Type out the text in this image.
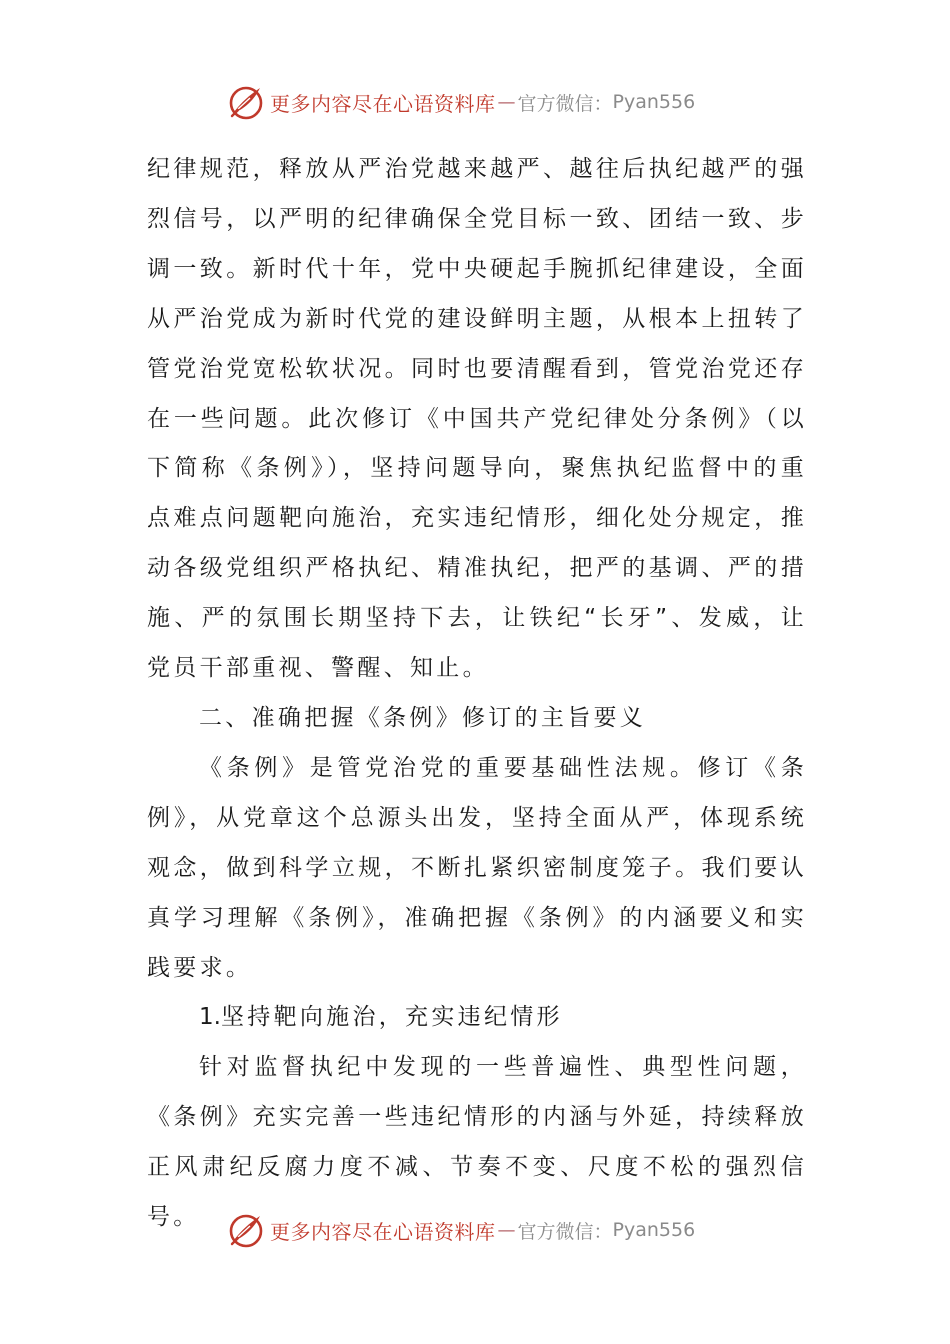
更多内容尽在心语资料库 — 官方微信： Pyan556

纪律规范，释放从严治党越来越严、越往后执纪越严的强烈信号，以严明的纪律确保全党目标一致、团结一致、步调一致。新时代十年，党中央硬起手腕抓纪律建设，全面从严治党成为新时代党的建设鲜明主题，从根本上扭转了管党治党宽松软状况。同时也要清醒看到，管党治党还存在一些问题。此次修订《中国共产党纪律处分条例》（以下简称《条例》），坚持问题导向，聚焦执纪监督中的重点难点问题靶向施治，充实违纪情形，细化处分规定，推动各级党组织严格执纪、精准执纪，把严的基调、严的措施、严的氛围长期坚持下去，让铁纪“长牙”、发威，让党员干部重视、警醒、知止。

二、准确把握《条例》修订的主旨要义

《条例》是管党治党的重要基础性法规。修订《条例》，从党章这个总源头出发，坚持全面从严，体现系统观念，做到科学立规，不断扎紧织密制度笼子。我们要认真学习理解《条例》，准确把握《条例》的内涵要义和实践要求。

1.坚持靶向施治，充实违纪情形

针对监督执纪中发现的一些普遍性、典型性问题，《条例》充实完善一些违纪情形的内涵与外延，持续释放正风肃纪反腐力度不减、节奏不变、尺度不松的强烈信号。

更多内容尽在心语资料库 — 官方微信： Pyan556
